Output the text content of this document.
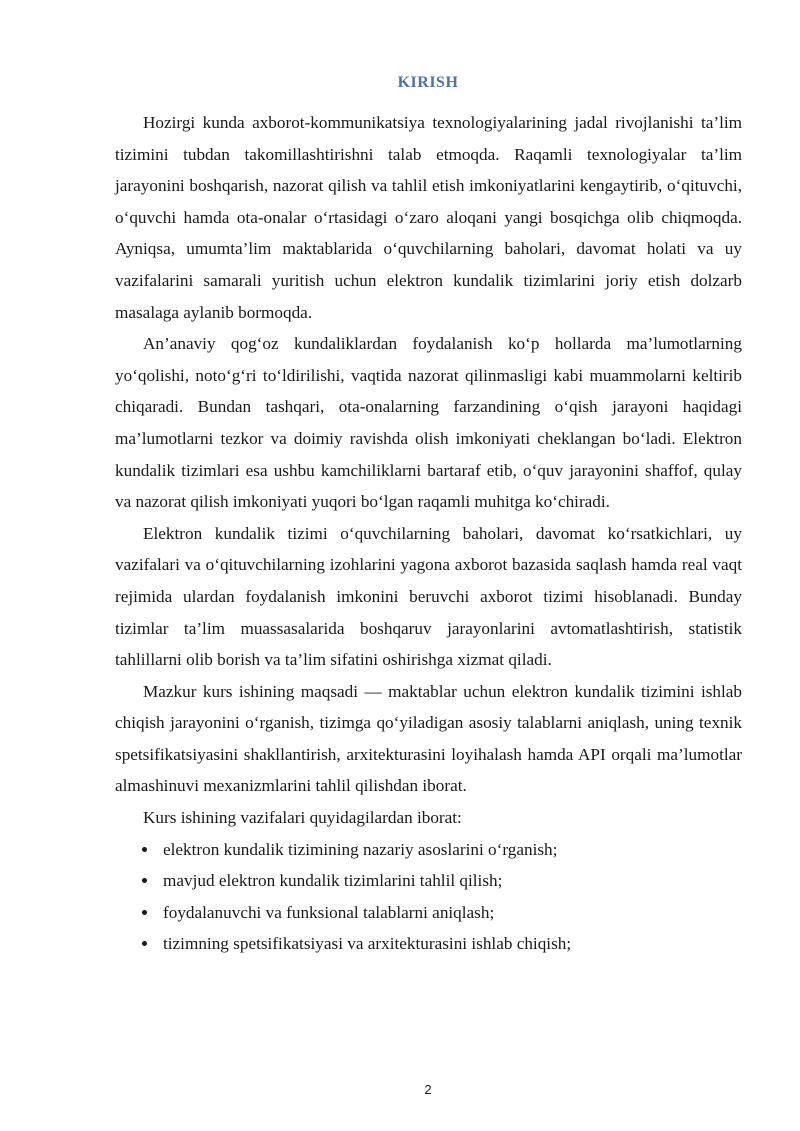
KIRISH

Hozirgi kunda axborot-kommunikatsiya texnologiyalarining jadal rivojlanishi ta’lim tizimini tubdan takomillashtirishni talab etmoqda. Raqamli texnologiyalar ta’lim jarayonini boshqarish, nazorat qilish va tahlil etish imkoniyatlarini kengaytirib, o‘qituvchi, o‘quvchi hamda ota-onalar o‘rtasidagi o‘zaro aloqani yangi bosqichga olib chiqmoqda. Ayniqsa, umumta’lim maktablarida o‘quvchilarning baholari, davomat holati va uy vazifalarini samarali yuritish uchun elektron kundalik tizimlarini joriy etish dolzarb masalaga aylanib bormoqda.

An’anaviy qog‘oz kundaliklardan foydalanish ko‘p hollarda ma’lumotlarning yo‘qolishi, noto‘g‘ri to‘ldirilishi, vaqtida nazorat qilinmasligi kabi muammolarni keltirib chiqaradi. Bundan tashqari, ota-onalarning farzandining o‘qish jarayoni haqidagi ma’lumotlarni tezkor va doimiy ravishda olish imkoniyati cheklangan bo‘ladi. Elektron kundalik tizimlari esa ushbu kamchiliklarni bartaraf etib, o‘quv jarayonini shaffof, qulay va nazorat qilish imkoniyati yuqori bo‘lgan raqamli muhitga ko‘chiradi.

Elektron kundalik tizimi o‘quvchilarning baholari, davomat ko‘rsatkichlari, uy vazifalari va o‘qituvchilarning izohlarini yagona axborot bazasida saqlash hamda real vaqt rejimida ulardan foydalanish imkonini beruvchi axborot tizimi hisoblanadi. Bunday tizimlar ta’lim muassasalarida boshqaruv jarayonlarini avtomatlashtirish, statistik tahlillarni olib borish va ta’lim sifatini oshirishga xizmat qiladi.

Mazkur kurs ishining maqsadi — maktablar uchun elektron kundalik tizimini ishlab chiqish jarayonini o‘rganish, tizimga qo‘yiladigan asosiy talablarni aniqlash, uning texnik spetsifikatsiyasini shakllantirish, arxitekturasini loyihalash hamda API orqali ma’lumotlar almashinuvi mexanizmlarini tahlil qilishdan iborat.

Kurs ishining vazifalari quyidagilardan iborat:

elektron kundalik tizimining nazariy asoslarini o‘rganish;
mavjud elektron kundalik tizimlarini tahlil qilish;
foydalanuvchi va funksional talablarni aniqlash;
tizimning spetsifikatsiyasi va arxitekturasini ishlab chiqish;
2
